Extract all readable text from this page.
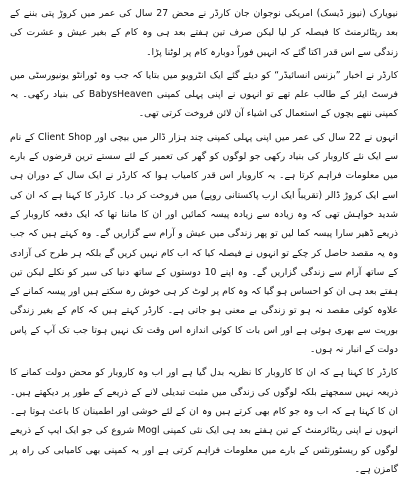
نیویارک (نیوز ڈیسک) امریکی نوجوان جان کارڈر نے محض 27 سال کی عمر میں کروڑ پتی بننے کے بعد ریٹائرمنٹ کا فیصلہ کر لیا لیکن صرف تین ہفتے بعد ہی وہ کام کے بغیر عیش و عشرت کی زندگی سے اس قدر اکتا گئے کہ انہیں فوراً دوبارہ کام پر لوٹنا پڑا۔

کارڈر نے اخبار ”بزنس انسائیڈر“ کو دیئے گئے ایک انٹرویو میں بتایا کہ جب وہ ٹورانٹو یونیورسٹی میں فرسٹ ایئر کے طالب علم تھے تو انہوں نے اپنی پہلی کمپنی BabysHeaven کی بنیاد رکھی۔ یہ کمپنی ننھے بچوں کے استعمال کی اشیاء آن لائن فروخت کرتی تھی۔

انہوں نے 22 سال کی عمر میں اپنی پہلی کمپنی چند ہزار ڈالر میں بیچی اور Client Shop کے نام سے ایک نئے کاروبار کی بنیاد رکھی جو لوگوں کو گھر کی تعمیر کے لئے سستے ترین قرضوں کے بارے میں معلومات فراہم کرتا ہے۔ یہ کاروبار اس قدر کامیاب ہوا کہ کارڈر نے ایک سال کے دوران ہی اسے ایک کروڑ ڈالر (تقریباً ایک ارب پاکستانی روپے) میں فروخت کر دیا۔ کارڈر کا کہنا ہے کہ ان کی شدید خواہش تھی کہ وہ زیادہ سے زیادہ پیسہ کمائیں اور ان کا ماننا تھا کہ ایک دفعہ کاروبار کے ذریعے ڈھیر سارا پیسہ کما لیں تو پھر زندگی میں عیش و آرام سے گزاریں گے۔ وہ کہتے ہیں کہ جب وہ یہ مقصد حاصل کر چکے تو انہوں نے فیصلہ کیا کہ اب کام نہیں کریں گے بلکہ ہر طرح کی آزادی کے ساتھ آرام سے زندگی گزاریں گے۔ وہ اپنے 10 دوستوں کے ساتھ دنیا کی سیر کو نکلے لیکن تین ہفتے بعد ہی ان کو احساس ہو گیا کہ وہ کام پر لوٹ کر ہی خوش رہ سکتے ہیں اور پیسہ کمانے کے علاوہ کوئی مقصد نہ ہو تو زندگی بے معنی ہو جاتی ہے۔ کارڈر کہتے ہیں کہ کام کے بغیر زندگی بوریت سے بھری ہوئی ہے اور اس بات کا کوئی اندازہ اس وقت تک نہیں ہوتا جب تک آپ کے پاس دولت کے انبار نہ ہوں۔

کارڈر کا کہنا ہے کہ ان کا کاروبار کا نظریہ بدل گیا ہے اور اب وہ کاروبار کو محض دولت کمانے کا ذریعہ نہیں سمجھتے بلکہ لوگوں کی زندگی میں مثبت تبدیلی لانے کے ذریعے کے طور پر دیکھتے ہیں۔ ان کا کہنا ہے کہ اب وہ جو کام بھی کرتے ہیں وہ ان کے لئے خوشی اور اطمینان کا باعث ہوتا ہے۔ انہوں نے اپنی ریٹائرمنٹ کے تین ہفتے بعد ہی ایک نئی کمپنی Mogl شروع کی جو ایک ایپ کے ذریعے لوگوں کو ریسٹورنٹس کے بارے میں معلومات فراہم کرتی ہے اور یہ کمپنی بھی کامیابی کی راہ پر گامزن ہے۔
